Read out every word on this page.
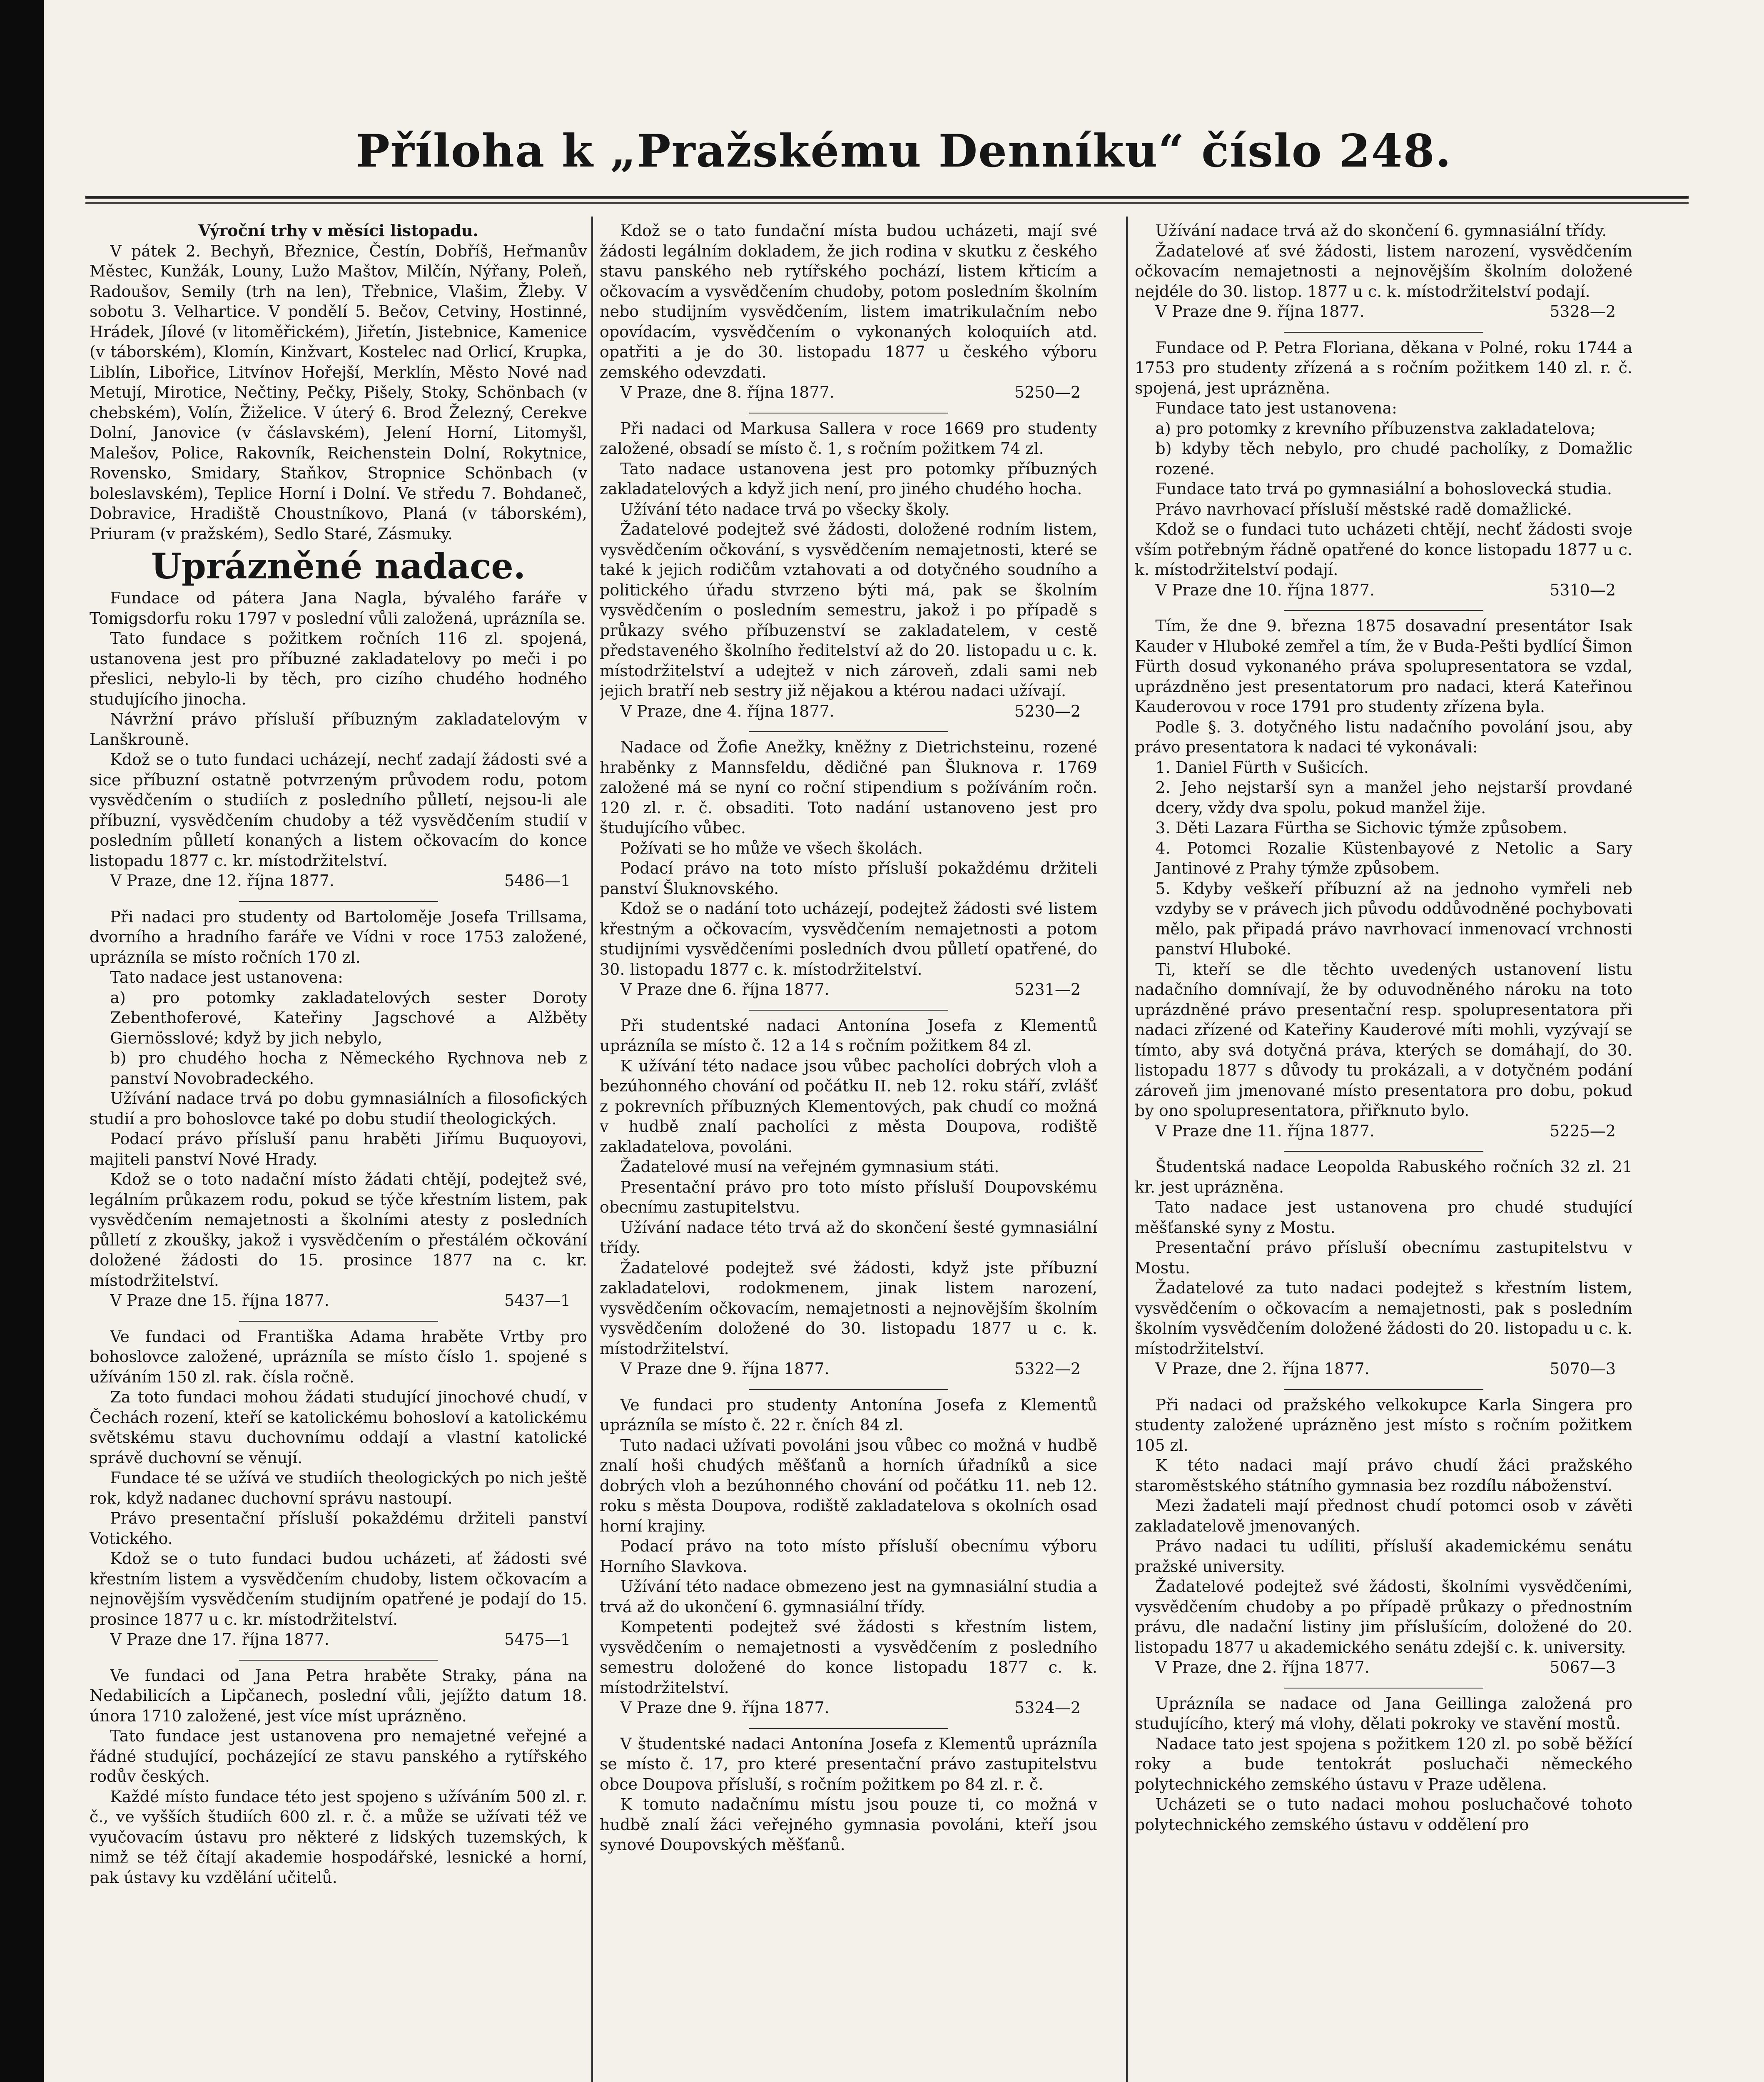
Příloha k „Pražskému Denníku“ číslo 248.

Výroční trhy v měsíci listopadu.

V pátek 2. Bechyň, Březnice, Čestín, Dobříš, Heřmanův Městec, Kunžák, Louny, Lužo Maštov, Milčín, Nýřany, Poleň, Radoušov, Semily (trh na len), Třebnice, Vlašim, Žleby. V sobotu 3. Velhartice. V pondělí 5. Bečov, Cetviny, Hostinné, Hrádek, Jílové (v litoměřickém), Jiřetín, Jistebnice, Kamenice (v táborském), Klomín, Kinžvart, Kostelec nad Orlicí, Krupka, Liblín, Libořice, Litvínov Hořejší, Merklín, Město Nové nad Metují, Mirotice, Nečtiny, Pečky, Pišely, Stoky, Schönbach (v chebském), Volín, Žiželice. V úterý 6. Brod Železný, Cerekve Dolní, Janovice (v čáslavském), Jelení Horní, Litomyšl, Malešov, Police, Rakovník, Reichenstein Dolní, Rokytnice, Rovensko, Smidary, Staňkov, Stropnice Schönbach (v boleslavském), Teplice Horní i Dolní. Ve středu 7. Bohdaneč, Dobravice, Hradiště Choustníkovo, Planá (v táborském), Priuram (v pražském), Sedlo Staré, Zásmuky.

Uprázněné nadace.

Fundace od pátera Jana Nagla, bývalého faráře v Tomigsdorfu roku 1797 v poslední vůli založená, uprázníla se.

Tato fundace s požitkem ročních 116 zl. spojená, ustanovena jest pro příbuzné zakladatelovy po meči i po přeslici, nebylo-li by těch, pro cizího chudého hodného studujícího jinocha.

Návržní právo přísluší příbuzným zakladatelovým v Lanškrouně.

Kdož se o tuto fundaci ucházejí, nechť zadají žádosti své a sice příbuzní ostatně potvrzeným průvodem rodu, potom vysvědčením o studiích z posledního půlletí, nejsou-li ale příbuzní, vysvědčením chudoby a též vysvědčením studií v posledním půlletí konaných a listem očkovacím do konce listopadu 1877 c. kr. místodržitelství.

V Praze, dne 12. října 1877.	5486—1

Při nadaci pro studenty od Bartoloměje Josefa Trillsama, dvorního a hradního faráře ve Vídni v roce 1753 založené, uprázníla se místo ročních 170 zl.

Tato nadace jest ustanovena:

a) pro potomky zakladatelových sester Doroty Zebenthoferové, Kateřiny Jagschové a Alžběty Giernösslové; když by jich nebylo,

b) pro chudého hocha z Německého Rychnova neb z panství Novobradeckého.

Užívání nadace trvá po dobu gymnasiálních a filosofických studií a pro bohoslovce také po dobu studií theologických.

Podací právo přísluší panu hraběti Jiřímu Buquoyovi, majiteli panství Nové Hrady.

Kdož se o toto nadační místo žádati chtějí, podejtež své, legálním průkazem rodu, pokud se týče křestním listem, pak vysvědčením nemajetnosti a školními atesty z posledních půlletí z zkoušky, jakož i vysvědčením o přestálém očkování doložené žádosti do 15. prosince 1877 na c. kr. místodržitelství.

V Praze dne 15. října 1877.	5437—1

Ve fundaci od Františka Adama hraběte Vrtby pro bohoslovce založené, uprázníla se místo číslo 1. spojené s užíváním 150 zl. rak. čísla ročně.

Za toto fundaci mohou žádati studující jinochové chudí, v Čechách rození, kteří se katolickému bohosloví a katolickému světskému stavu duchovnímu oddají a vlastní katolické správě duchovní se věnují.

Fundace té se užívá ve studiích theologických po nich ještě rok, když nadanec duchovní správu nastoupí.

Právo presentační přísluší pokaždému držiteli panství Votického.

Kdož se o tuto fundaci budou ucházeti, ať žádosti své křestním listem a vysvědčením chudoby, listem očkovacím a nejnovějším vysvědčením studijním opatřené je podají do 15. prosince 1877 u c. kr. místodržitelství.

V Praze dne 17. října 1877.	5475—1

Ve fundaci od Jana Petra hraběte Straky, pána na Nedabilicích a Lipčanech, poslední vůli, jejížto datum 18. února 1710 založené, jest více míst uprázněno.

Tato fundace jest ustanovena pro nemajetné veřejné a řádné studující, pocházející ze stavu panského a rytířského rodův českých.

Každé místo fundace této jest spojeno s užíváním 500 zl. r. č., ve vyšších študiích 600 zl. r. č. a může se užívati též ve vyučovacím ústavu pro některé z lidských tuzemských, k nimž se též čítají akademie hospodářské, lesnické a horní, pak ústavy ku vzdělání učitelů.

Kdož se o tato fundační místa budou ucházeti, mají své žádosti legálním dokladem, že jich rodina v skutku z českého stavu panského neb rytířského pochází, listem křticím a očkovacím a vysvědčením chudoby, potom posledním školním nebo studijním vysvědčením, listem imatrikulačním nebo opovídacím, vysvědčením o vykonaných koloquiích atd. opatřiti a je do 30. listopadu 1877 u českého výboru zemského odevzdati.

V Praze, dne 8. října 1877.	5250—2

Při nadaci od Markusa Sallera v roce 1669 pro studenty založené, obsadí se místo č. 1, s ročním požitkem 74 zl.

Tato nadace ustanovena jest pro potomky příbuzných zakladatelových a když jich není, pro jiného chudého hocha.

Užívání této nadace trvá po všecky školy.

Žadatelové podejtež své žádosti, doložené rodním listem, vysvědčením očkování, s vysvědčením nemajetnosti, které se také k jejich rodičům vztahovati a od dotyčného soudního a politického úřadu stvrzeno býti má, pak se školním vysvědčením o posledním semestru, jakož i po případě s průkazy svého příbuzenství se zakladatelem, v cestě představeného školního ředitelství až do 20. listopadu u c. k. místodržitelství a udejtež v nich zároveň, zdali sami neb jejich bratří neb sestry již nějakou a ktérou nadaci užívají.

V Praze, dne 4. října 1877.	5230—2

Nadace od Žofie Anežky, kněžny z Dietrichsteinu, rozené hraběnky z Mannsfeldu, dědičné pan Šluknova r. 1769 založené má se nyní co roční stipendium s požíváním ročn. 120 zl. r. č. obsaditi. Toto nadání ustanoveno jest pro študujícího vůbec.

Požívati se ho může ve všech školách.

Podací právo na toto místo přísluší pokaždému držiteli panství Šluknovského.

Kdož se o nadání toto ucházejí, podejtež žádosti své listem křestným a očkovacím, vysvědčením nemajetnosti a potom studijními vysvědčeními posledních dvou půlletí opatřené, do 30. listopadu 1877 c. k. místodržitelství.

V Praze dne 6. října 1877.	5231—2

Při studentské nadaci Antonína Josefa z Klementů uprázníla se místo č. 12 a 14 s ročním požitkem 84 zl.

K užívání této nadace jsou vůbec pacholíci dobrých vloh a bezúhonného chování od počátku II. neb 12. roku stáří, zvlášť z pokrevních příbuzných Klementových, pak chudí co možná v hudbě znalí pacholíci z města Doupova, rodiště zakladatelova, povoláni.

Žadatelové musí na veřejném gymnasium státi.

Presentační právo pro toto místo přísluší Doupovskému obecnímu zastupitelstvu.

Užívání nadace této trvá až do skončení šesté gymnasiální třídy.

Žadatelové podejtež své žádosti, když jste příbuzní zakladatelovi, rodokmenem, jinak listem narození, vysvědčením očkovacím, nemajetnosti a nejnovějším školním vysvědčením doložené do 30. listopadu 1877 u c. k. místodržitelství.

V Praze dne 9. října 1877.	5322—2

Ve fundaci pro studenty Antonína Josefa z Klementů uprázníla se místo č. 22 r. čních 84 zl.

Tuto nadaci užívati povoláni jsou vůbec co možná v hudbě znalí hoši chudých měšťanů a horních úřadníků a sice dobrých vloh a bezúhonného chování od počátku 11. neb 12. roku s města Doupova, rodiště zakladatelova s okolních osad horní krajiny.

Podací právo na toto místo přísluší obecnímu výboru Horního Slavkova.

Užívání této nadace obmezeno jest na gymnasiální studia a trvá až do ukončení 6. gymnasiální třídy.

Kompetenti podejtež své žádosti s křestním listem, vysvědčením o nemajetnosti a vysvědčením z posledního semestru doložené do konce listopadu 1877 c. k. místodržitelství.

V Praze dne 9. října 1877.	5324—2

V študentské nadaci Antonína Josefa z Klementů uprázníla se místo č. 17, pro které presentační právo zastupitelstvu obce Doupova přísluší, s ročním požitkem po 84 zl. r. č.

K tomuto nadačnímu místu jsou pouze ti, co možná v hudbě znalí žáci veřejného gymnasia povoláni, kteří jsou synové Doupovských měšťanů.

Užívání nadace trvá až do skončení 6. gymnasiální třídy.

Žadatelové ať své žádosti, listem narození, vysvědčením očkovacím nemajetnosti a nejnovějším školním doložené nejdéle do 30. listop. 1877 u c. k. místodržitelství podají.

V Praze dne 9. října 1877.	5328—2

Fundace od P. Petra Floriana, děkana v Polné, roku 1744 a 1753 pro studenty zřízená a s ročním požitkem 140 zl. r. č. spojená, jest uprázněna.

Fundace tato jest ustanovena:

a) pro potomky z krevního příbuzenstva zakladatelova;

b) kdyby těch nebylo, pro chudé pacholíky, z Domažlic rozené.

Fundace tato trvá po gymnasiální a bohoslovecká studia.

Právo navrhovací přísluší městské radě domažlické.

Kdož se o fundaci tuto ucházeti chtějí, nechť žádosti svoje vším potřebným řádně opatřené do konce listopadu 1877 u c. k. místodržitelství podají.

V Praze dne 10. října 1877.	5310—2

Tím, že dne 9. března 1875 dosavadní presentátor Isak Kauder v Hluboké zemřel a tím, že v Buda-Pešti bydlící Šimon Fürth dosud vykonaného práva spolupresentatora se vzdal, uprázdněno jest presentatorum pro nadaci, která Kateřinou Kauderovou v roce 1791 pro studenty zřízena byla.

Podle §. 3. dotyčného listu nadačního povolání jsou, aby právo presentatora k nadaci té vykonávali:

1. Daniel Fürth v Sušicích.

2. Jeho nejstarší syn a manžel jeho nejstarší provdané dcery, vždy dva spolu, pokud manžel žije.

3. Děti Lazara Fürtha se Sichovic týmže způsobem.

4. Potomci Rozalie Küstenbayové z Netolic a Sary Jantinové z Prahy týmže způsobem.

5. Kdyby veškeří příbuzní až na jednoho vymřeli neb vzdyby se v právech jich původu oddůvodněné pochybovati mělo, pak připadá právo navrhovací inmenovací vrchnosti panství Hluboké.

Ti, kteří se dle těchto uvedených ustanovení listu nadačního domnívají, že by oduvodněného nároku na toto uprázdněné právo presentační resp. spolupresentatora při nadaci zřízené od Kateřiny Kauderové míti mohli, vyzývají se tímto, aby svá dotyčná práva, kterých se domáhají, do 30. listopadu 1877 s důvody tu prokázali, a v dotyčném podání zároveň jim jmenované místo presentatora pro dobu, pokud by ono spolupresentatora, přiřknuto bylo.

V Praze dne 11. října 1877.	5225—2

Študentská nadace Leopolda Rabuského ročních 32 zl. 21 kr. jest uprázněna.

Tato nadace jest ustanovena pro chudé studující měšťanské syny z Mostu.

Presentační právo přísluší obecnímu zastupitelstvu v Mostu.

Žadatelové za tuto nadaci podejtež s křestním listem, vysvědčením o očkovacím a nemajetnosti, pak s posledním školním vysvědčením doložené žádosti do 20. listopadu u c. k. místodržitelství.

V Praze, dne 2. října 1877.	5070—3

Při nadaci od pražského velkokupce Karla Singera pro studenty založené uprázněno jest místo s ročním požitkem 105 zl.

K této nadaci mají právo chudí žáci pražského staroměstského státního gymnasia bez rozdílu náboženství.

Mezi žadateli mají přednost chudí potomci osob v závěti zakladatelově jmenovaných.

Právo nadaci tu udíliti, přísluší akademickému senátu pražské university.

Žadatelové podejtež své žádosti, školními vysvědčeními, vysvědčením chudoby a po případě průkazy o přednostním právu, dle nadační listiny jim příslušícím, doložené do 20. listopadu 1877 u akademického senátu zdejší c. k. university.

V Praze, dne 2. října 1877.	5067—3

Uprázníla se nadace od Jana Geillinga založená pro studujícího, který má vlohy, dělati pokroky ve stavění mostů.

Nadace tato jest spojena s požitkem 120 zl. po sobě běžící roky a bude tentokrát posluchači německého polytechnického zemského ústavu v Praze udělena.

Ucházeti se o tuto nadaci mohou posluchačové tohoto polytechnického zemského ústavu v oddělení pro
